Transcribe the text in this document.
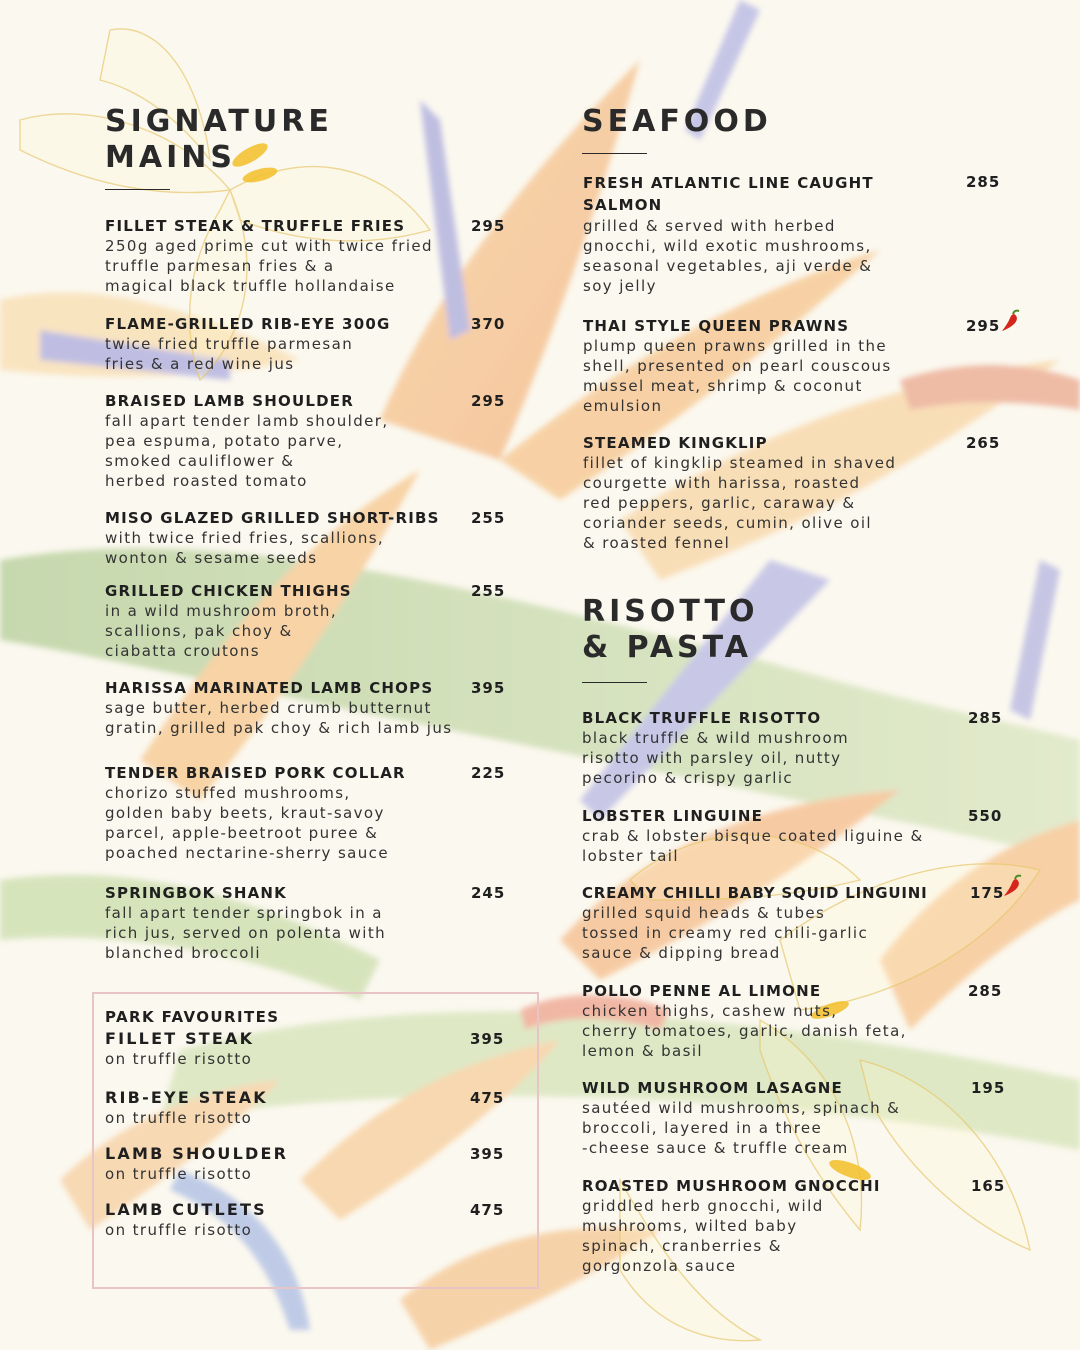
SIGNATURE
MAINS
FILLET STEAK & TRUFFLE FRIES
250g aged prime cut with twice fried
truffle parmesan fries & a
magical black truffle hollandaise
295
FLAME-GRILLED RIB-EYE 300G
twice fried truffle parmesan
fries & a red wine jus
370
BRAISED LAMB SHOULDER
fall apart tender lamb shoulder,
pea espuma, potato parve,
smoked cauliflower &
herbed roasted tomato
295
MISO GLAZED GRILLED SHORT-RIBS
with twice fried fries, scallions,
wonton & sesame seeds
255
GRILLED CHICKEN THIGHS
in a wild mushroom broth,
scallions, pak choy &
ciabatta croutons
255
HARISSA MARINATED LAMB CHOPS
sage butter, herbed crumb butternut
gratin, grilled pak choy & rich lamb jus
395
TENDER BRAISED PORK COLLAR
chorizo stuffed mushrooms,
golden baby beets, kraut-savoy
parcel, apple-beetroot puree &
poached nectarine-sherry sauce
225
SPRINGBOK SHANK
fall apart tender springbok in a
rich jus, served on polenta with
blanched broccoli
245
PARK FAVOURITES
FILLET STEAK
on truffle risotto
395
RIB-EYE STEAK
on truffle risotto
475
LAMB SHOULDER
on truffle risotto
395
LAMB CUTLETS
on truffle risotto
475
SEAFOOD
FRESH ATLANTIC LINE CAUGHT
SALMON
grilled & served with herbed
gnocchi, wild exotic mushrooms,
seasonal vegetables, aji verde &
soy jelly
285
THAI STYLE QUEEN PRAWNS
plump queen prawns grilled in the
shell, presented on pearl couscous
mussel meat, shrimp & coconut
emulsion
295
STEAMED KINGKLIP
fillet of kingklip steamed in shaved
courgette with harissa, roasted
red peppers, garlic, caraway &
coriander seeds, cumin, olive oil
& roasted fennel
265
RISOTTO
& PASTA
BLACK TRUFFLE RISOTTO
black truffle & wild mushroom
risotto with parsley oil, nutty
pecorino & crispy garlic
285
LOBSTER LINGUINE
crab & lobster bisque coated liguine &
lobster tail
550
CREAMY CHILLI BABY SQUID LINGUINI
grilled squid heads & tubes
tossed in creamy red chili-garlic
sauce & dipping bread
175
POLLO PENNE AL LIMONE
chicken thighs, cashew nuts,
cherry tomatoes, garlic, danish feta,
lemon & basil
285
WILD MUSHROOM LASAGNE
sautéed wild mushrooms, spinach &
broccoli, layered in a three
-cheese sauce & truffle cream
195
ROASTED MUSHROOM GNOCCHI
griddled herb gnocchi, wild
mushrooms, wilted baby
spinach, cranberries &
gorgonzola sauce
165
